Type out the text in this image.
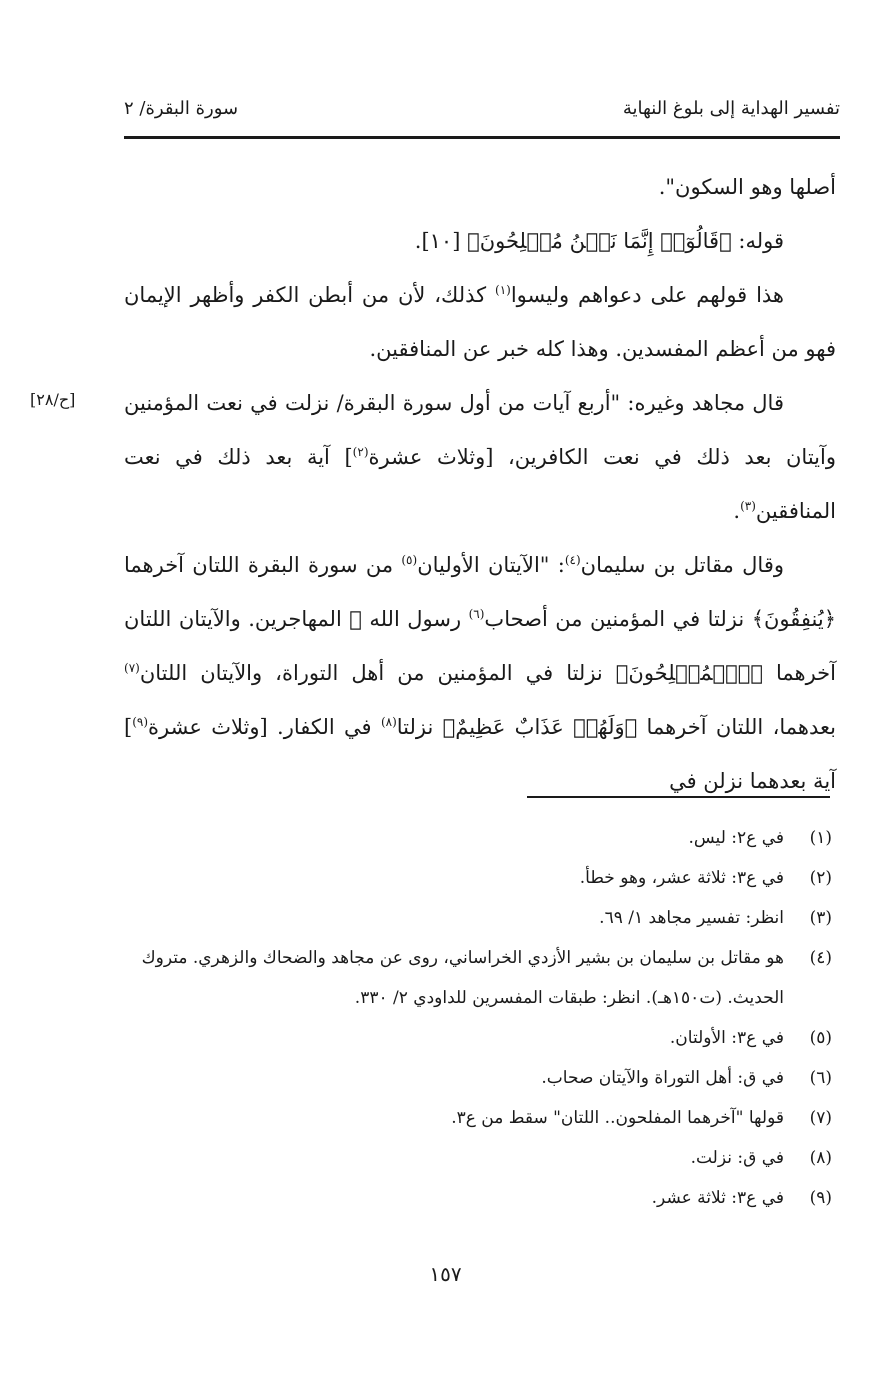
تفسير الهداية إلى بلوغ النهاية
سورة البقرة/ ٢
[ح/٢٨]

أصلها وهو السكون".

قوله: ﴿قَالُوٓا۟ إِنَّمَا نَحۡنُ مُصۡلِحُونَ﴾ [١٠].

هذا قولهم على دعواهم وليسوا$^{(١)}$ كذلك، لأن من أبطن الكفر وأظهر الإيمان فهو من أعظم المفسدين. وهذا كله خبر عن المنافقين.

قال مجاهد وغيره: "أربع آيات من أول سورة البقرة/ نزلت في نعت المؤمنين وآيتان بعد ذلك في نعت الكافرين، [وثلاث عشرة$^{(٢)}$] آية بعد ذلك في نعت المنافقين$^{(٣)}$.

وقال مقاتل بن سليمان$^{(٤)}$: "الآيتان الأوليان$^{(٥)}$ من سورة البقرة اللتان آخرهما ﴿يُنفِقُونَ﴾ نزلتا في المؤمنين من أصحاب$^{(٦)}$ رسول الله ﷺ المهاجرين. والآيتان اللتان آخرهما ﴿ٱلۡمُفۡلِحُونَ﴾ نزلتا في المؤمنين من أهل التوراة، والآيتان اللتان$^{(٧)}$ بعدهما، اللتان آخرهما ﴿وَلَهُمۡ عَذَابٌ عَظِيمٌ﴾ نزلتا$^{(٨)}$ في الكفار. [وثلاث عشرة$^{(٩)}$] آية بعدهما نزلن في

(١)
في ع٢: ليس.
(٢)
في ع٣: ثلاثة عشر، وهو خطأ.
(٣)
انظر: تفسير مجاهد ١/ ٦٩.
(٤)
هو مقاتل بن سليمان بن بشير الأزدي الخراساني، روى عن مجاهد والضحاك والزهري. متروك الحديث. (ت١٥٠هـ). انظر: طبقات المفسرين للداودي ٢/ ٣٣٠.
(٥)
في ع٣: الأولتان.
(٦)
في ق: أهل التوراة والآيتان صحاب.
(٧)
قولها "آخرهما المفلحون.. اللتان" سقط من ع٣.
(٨)
في ق: نزلت.
(٩)
في ع٣: ثلاثة عشر.
١٥٧
